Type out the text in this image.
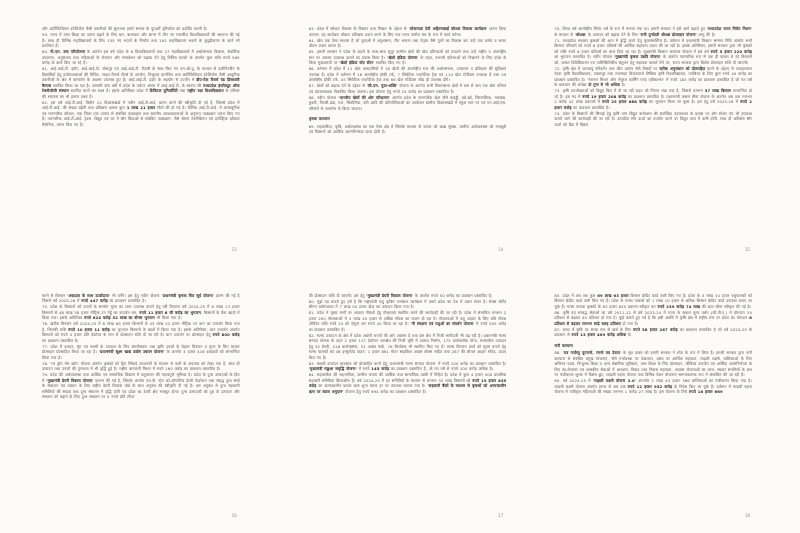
और आर्टिफिशियल इंटेलिजेंस जैसी तकनीकों की सुलभता हमारे समाज के दूरदर्शी दृष्टिकोण को प्रदर्शित करती है।

59. राज्य में उच्च शिक्षा का दायरा बढ़ाने के लिए धार, बालाघाट और सागर में तीन नए राजकीय विश्वविद्यालयों की स्थापना की गई है। साथ ही विभिन्न महाविद्यालयों के लिए 135 नए भवनों के निर्माण तथा 192 महाविद्यालय भवनों के सुदृढ़ीकरण के कार्य भी प्रगतिरत हैं।

60. पी.एम. उषा परियोजना के अंतर्गत इस वर्ष प्रदेश के 6 विश्वविद्यालयों तथा 27 महाविद्यालयों में अधोसंरचना विकास, शैक्षणिक उपकरण, अनुसंधान तथा महिलाओं के रोजगार और समावेशन को बढ़ावा देने हेतु विभिन्न घटकों के अंतर्गत कुल राशि रुपये 565 करोड़ के कार्य किए जा रहे हैं।

61. आई.आई.टी. इंदौर, आई.आई.टी. जोधपुर एवं आई.आई.टी. दिल्ली के साथ किए गए एम.ओ.यू. के माध्यम से इंजीनियरिंग के विद्यार्थियों हेतु प्रयोगशालाओं की विजिट, लाइव रिसर्च सेंटर्स के उपयोग, निःशुल्क इंटर्नशिप तथा आर्टिफिशियल इंटेलिजेंस जैसी आधुनिक तकनीकों के क्षेत्र में ज्ञानार्जन के अवसर उपलब्ध हुए हैं। आई.आई.टी. इंदौर के सहयोग से उज्जैन में डीप-टेक रिसर्च एंड डिस्कवरी कैम्पस स्थापित किया जा रहा है। आगामी पांच वर्षों में प्रदेश के पर्यटन अंचल में आई.आई.टी. के स्वरूप की मध्यप्रदेश इंस्टीट्यूट ऑफ टेक्नोलॉजी संस्थान स्थापित करने का लक्ष्य है। इसके अतिरिक्त प्रदेश में डिजिटल यूनिवर्सिटी तथा राष्ट्रीय रक्षा विश्वविद्यालय के परिसर की स्थापना का भी हमारा लक्ष्य है।

62. इस वर्ष आई.टी.आई. विहीन 22 विकासखंडों में नवीन आई.टी.आई. प्रारंभ करने की स्वीकृति दी गई है, जिससे प्रदेश में आई.टी.आई. की संख्या बढ़ेगी तथा प्रशिक्षण क्षमता कुल 1 लाख 21 हजार सीटों की हो गई है। विभिन्न आई.टी.आई. में अत्याधुनिक एवं पारम्परिक कौशल, एक जिला एक उत्पाद से संबंधित पाठ्यक्रम तथा स्थानीय आवश्यकताओं के अनुरूप पाठ्यक्रम प्रारंभ किए गए हैं। पारम्परिक आई.टी.आई. ट्रेडस, विद्युत एवं घर में सौर विधाओं से संबंधित पाठ्यक्रम, जैसे सोलर टेक्नीशियन एवं इलेक्ट्रिक व्हीकल मैकेनिक, प्रारंभ किए गए हैं।

13

63. प्रदेश में कौशल विकास के विस्तार तथा निखार के उद्देश्य से 'लोकमाता देवी अहिल्याबाई कौशल विकास कार्यक्रम' प्रारंभ किया जाएगा। यह कार्यक्रम कौशल प्रशिक्षण प्रदान करने के लिए एक राज्य स्तरीय मंच के रूप में कार्य करेगा।

64. खेल एक ऐसा माध्यम है जो युवाओं में अनुशासन, टीम भावना तथा नेतृत्व जैसे गुणों का विकास कर उन्हें एक कर्मठ व सजग जीवन प्रदान करता है।

65. हमारी सरकार ने प्रदेश के शहरों के साथ-साथ सुदूर ग्रामीण क्षेत्रों की खेल प्रतिभाओं को तराशने तथा उन्हें राष्ट्रीय व अंतर्राष्ट्रीय स्तर पर अवसर उपलब्ध कराने का प्रयास किया है। 'खेलो इंडिया योजना' के तहत, उभरती प्रतिभाओं को निखारने के लिए प्रदेश के जिला मुख्यालयों पर 'खेलो इंडिया स्टेट सेंटर' स्थापित किए गए हैं।

66. वर्तमान में प्रदेश में 11 खेल अकादमियों में 18 खेलों की अंतर्राष्ट्रीय स्तर की अधोसंरचना, उपकरण व प्रशिक्षण की सुविधाएं उपलब्ध हैं। प्रदेश में वर्तमान में 18 अंतर्राष्ट्रीय हॉकी टर्फ, 7 सिंथेटिक एथलेटिक ट्रैक एवं 114 खेल स्टेडियम उपलब्ध हैं तथा 09 अंतर्राष्ट्रीय हॉकी टर्फ, 05 सिंथेटिक एथलेटिक ट्रैक तथा 66 खेल स्टेडियम शीघ्र ही उपलब्ध होंगे।

67. खेलों को बढ़ावा देने के उद्देश्य से 'सी.एम. युवा-शक्ति' योजना के अंतर्गत सभी विधानसभा क्षेत्रों में कम से कम एक खेल परिसर एवं व्यायामशाला विकसित किया जाएगा। इस योजना हेतु रुपये 25 करोड़ का प्रावधान प्रस्तावित है।

68. नवीन योजना 'भारतीय खेलों की ओर परिभ्रमण' अंतर्गत प्रदेश के पारम्परिक खेल जैसे कबड्डी, खो-खो, जिम्नास्टिक, मलखंब, कुश्ती, गिल्ली-डंडा, गदा, सितोलिया, बंटी आदि की प्रतियोगिताओं का आयोजन ग्रामीण विकासखंडों में स्कूल स्तर पर एवं एन.आई.एस. परिसरों के तालमेल से किया जाएगा।

कृषक कल्याण

69. सहकारिता, कृषि, अर्थव्यवस्था का एक ऐसा क्षेत्र है जिसके माध्यम से जनता को खाद्य सुरक्षा, ग्रामीण अर्थव्यवस्था को मजबूती एवं किसानों को आर्थिक आत्मनिर्भरता प्राप्त होती है।

14

70. विगत वर्ष अंतर्राष्ट्रीय मिलेट वर्ष के रूप में मनाया गया था। हमारी सरकार ने इसे आगे बढ़ाते हुए 'मध्यप्रदेश राज्य मिलेट मिशन' के माध्यम से 'श्रीअन्न' के उत्पादन को बढ़ावा देने के लिए 'रानी दुर्गावती श्रीअन्न प्रोत्साहन योजना' लागू की है।

71. मध्यप्रदेश सरकार कृषकों की आय में वृद्धि करने हेतु कृतसंकल्पित है। वर्तमान में प्रधानमंत्री किसान सम्मान निधि अंतर्गत सभी किसान परिवारों को रुपये 6 हजार प्रतिवर्ष की आर्थिक सहायता प्रदान की जा रही है। इसके अतिरिक्त, हमारी सरकार द्वारा भी कृषकों को राशि रुपये 6 हजार प्रतिवर्ष का लाभ दिया जा रहा है। मुख्यमंत्री किसान कल्याण योजना में इस वर्ष रुपये 5 हजार 220 करोड़ का भुगतान प्रस्तावित है। नवीन योजना 'मुख्यमंत्री कृषक उन्नति योजना' के अंतर्गत पारम्परिक रूप से एक ही फसल ले रहे किसानों को, फसल विविधिकरण एवं पारिस्थितिकीय संतुलन हेतु सहायक फसलें लेने पर, राज्य सरकार द्वारा विशेष प्रोत्साहन राशि दी जाएगी।

72. कृषि क्षेत्र में जलवायु परिवर्तन तथा कीट प्रकोप जैसे विषयों पर सटीक अनुसंधान को प्रोत्साहित करने के उद्देश्य से जवाहरलाल नेहरू कृषि विश्वविद्यालय, जबलपुर तथा राजमाता विजयाराजे सिंधिया कृषि विश्वविद्यालय, ग्वालियर के लिए कुल रुपये 40 करोड़ का प्रावधान प्रस्तावित है। 'नेशनल मिशन ऑन नेचुरल फार्मिंग एण्ड एग्रीकल्चर' में रुपये 183 करोड़ का प्रावधान प्रस्तावित है जो गत वर्ष के प्रावधान की अपेक्षा दो गुना से भी अधिक है।

73. कृषि उपभोक्ताओं को विद्युत बिल में दी जा रही राहत को निरंतर रखा गया है, जिससे लगभग 37 लाख किसान लाभान्वित हो रहे हैं। इस मद में रुपये 19 हजार 208 करोड़ का प्रावधान प्रस्तावित है। प्रधानमंत्री फसल बीमा योजना के अंतर्गत अब तक लगभग 2 करोड़ 42 लाख प्रकरणों में रुपये 29 हजार 688 करोड़ का भुगतान किया जा चुका है। इस हेतु वर्ष 2025-26 में रुपये 2 हजार करोड़ का प्रावधान प्रस्तावित है।

74. प्रदेश के किसानों की सिंचाई हेतु कृषि पम्प विद्युत कनेक्शन की सर्वाधिक उपलब्धता के प्रयास पर और सोलर पंप भी उपलब्ध कराये जाने की कार्यवाही की जा रही है। उत्पादित सौर ऊर्जा का उपयोग करने पर विद्युत व्यय में कमी होगी, साथ ही अतिशेष सौर ऊर्जा को ग्रिड में विक्रय

15

करने से किसान 'अन्नदाता के साथ ऊर्जादाता' भी बनेंगे। इस हेतु नवीन योजना 'प्रधानमंत्री कृषक मित्र सूर्य योजना' प्रारंभ की गई है जिसमें वर्ष 2025-26 में रुपये 447 करोड़ का प्रावधान प्रस्तावित है।

75. प्रदेश के किसानों को उपजों के समर्थन मूल्य का लाभ उपलब्ध कराने हेतु रबी विपणन वर्ष 2024-25 में 6 लाख 13 हजार किसानों से 48 लाख 38 हजार मीट्रिक टन गेहूँ का उपार्जन कर, रुपये 11 हजार 6 सौ करोड़ का भुगतान, किसानों के बैंक खातों में किया गया। इसके अतिरिक्त रुपये 624 करोड़ 52 लाख का बोनस भुगतान भी किया गया है।

76. खरीफ विपणन वर्ष 2024-25 में 8 लाख 69 हजार किसानों से 43 लाख 52 हजार मीट्रिक टन धान का उपार्जन किया गया है, जिसकी राशि रुपये 10 हजार 11 करोड़ का भुगतान किसानों के खातों में किया गया है। इसके अतिरिक्त, धान उपार्जन अंतर्गत किसानों को रुपये 4 हजार प्रति हेक्टेयर के मान से प्रोत्साहन राशि दी जा रही है। धान उपार्जन पर प्रोत्साहन हेतु रुपये 800 करोड़ का प्रावधान प्रस्तावित है।

77. प्रदेश में दलहन, मूंग एवं सरसों के उत्पादन के लिए सघनीकरण तथा कृषि उपजों के बेहतर विपणन व मूल्य के लिए बाजार प्रोत्साहन प्रोत्साहित किया जा रहा है। 'प्रधानमंत्री सूक्ष्म खाद्य उद्योग उन्नयन योजना' के अंतर्गत 4 हजार 416 इकाइयों को लाभान्वित किया गया है।

78. 'पर ड्रॉप मोर क्रॉप' योजना अंतर्गत कृषकों को ड्रिप सिंचाई उपकरणों के माध्यम से पानी के अपव्यय को रोका गया है, साथ ही उत्पादन तथा उपजों की गुणवत्ता में भी वृद्धि हुई है। राष्ट्रीय बागवानी मिशन में रुपये 160 करोड़ का प्रावधान प्रस्तावित है।

79. प्रदेश की अर्थव्यवस्था तथा आर्थिक एवं सामाजिक विकास में पशुपालन की महत्वपूर्ण भूमिका है। प्रदेश के दुग्ध उत्पादकों के हित में 'मुख्यमंत्री डेयरी विकास योजना' प्रारम्भ की गई है, जिसके अंतर्गत एम.पी. स्टेट को-ऑपरेटिव डेयरी फेडरेशन तथा संबद्ध दुग्ध संघों के संचालन एवं प्रबंधन के लिए राष्ट्रीय डेयरी विकास बोर्ड के साथ अनुबंध की स्वीकृति दी गई है। इस अनुबंध से दुग्ध सहकारी समितियों की संख्या तथा दुग्ध संकलन में वृद्धि होगी एवं प्रदेश का डेयरी क्षेत्र मजबूत होगा। दुग्ध उत्पादकों को दूध के उत्पादन और संकलन को बढ़ाने के लिए दुग्ध संकलन पर 5 रुपये प्रति लीटर

16

की प्रोत्साहन राशि दी जाएगी। इस हेतु 'मुख्यमंत्री डेयरी विकास योजना' के अंतर्गत रुपये 50 करोड़ का प्रावधान प्रस्तावित है।

80. मुझे यह बताते हुए हर्ष है कि राष्ट्रव्यापी पशु कृत्रिम गर्भाधान कार्यक्रम में हमारे प्रदेश का देश में प्रथम स्थान है। सेक्स सॉर्टेड सीमन प्रयोगशाला में 7 लाख 50 हजार डोज़ का उत्पादन किया गया है।

81. प्रदेश में मुख्य मार्गों पर आवारा गौवंशों हेतु गौशालाएं स्थापित करने की कार्यवाही की जा रही है। प्रदेश में संचालित लगभग 2 हजार 200 गौशालाओं में 3 लाख 45 हजार से अधिक गौवंश का पालन हो रहा है। गौशालाओं में पशु आहार के लिए प्रति गौवंश प्रतिदिन राशि रुपये 20 को दोगुना कर रुपये 40 किया जा रहा है। 'गौ संरक्षण एवं पशुओं का संवर्धन योजना' में रुपये 505 करोड़ का प्रावधान प्रस्तावित है।

82. मत्स्य उत्पादन के क्षेत्र में प्रदेश अग्रणी राज्यों की ओर अग्रसर है तथा इस क्षेत्र में निजी भागीदारी भी बढ़ रही है। प्रधानमंत्री मत्स्य सम्पदा योजना के तहत 2 हजार 137 हेक्टेयर जलक्षेत्र की निजी भूमि में तालाब निर्माण, 175 बायोफ्लॉक पोन्ड, मत्स्यबीज उत्पादन हेतु 32 हैचरी, 418 बायोफ्लॉक, 51 अक्वा पार्क, 76 कियोस्क भी स्थापित किए गए हैं। मत्स्य विपणन कार्य को सुगम बनाने हेतु मत्स्य पालकों को 46 इन्सुलेटेड वाहन, 1 हजार 861 मोटर साइकिल आइस बॉक्स सहित तथा 267 की शीतल आहार मोपेड, प्रदाय किए गए हैं।

83. मछली उत्पादन व्यवसाय को प्रोत्साहित करने हेतु 'प्रधानमंत्री मत्स्य सम्पदा योजना' में रुपये 100 करोड़ का प्रावधान प्रस्तावित है। 'मुख्यमंत्री मछुआ समृद्धि योजना' में रुपये 145 करोड़ का प्रावधान प्रस्तावित है, जो गत वर्ष से रुपये 100 करोड़ अधिक है।

84. सहकारिता की सहभागिता, ग्रामीण जनता की आर्थिक तथा सामाजिक उन्नति में निहित है। प्रदेश में कुल 4 हजार 500 प्राथमिक सहकारी समितियां क्रियाशील हैं। वर्ष 2024-25 में इन समितियों के माध्यम से लगभग 35 लाख किसानों को रुपये 19 हजार 835 करोड़ का अल्पकालीन फसल ऋण शून्य ब्याज दर पर उपलब्ध कराया गया है। 'सहकारी बैंकों के माध्यम से कृषकों को अल्पकालीन ऋण पर ब्याज अनुदान' योजना हेतु रुपये 694 करोड़ का प्रावधान प्रस्तावित है।

17

85. प्रदेश में अब तक कुल 69 लाख 63 हजार किसान क्रेडिट कार्ड जारी किए गए हैं। प्रदेश के 5 लाख 34 हजार पशुपालकों को किसान क्रेडिट कार्ड जारी किए गए हैं। प्रदेश के मत्स्य पालकों को 1 लाख 10 हजार से अधिक किसान क्रेडिट कार्ड उपलब्ध कराए जा चुके हैं। मत्स्य पालक कृषकों के 63 हजार 840 प्रकरण स्वीकृत कर रुपये 239 करोड़ 74 लाख की ऋण सीमा स्वीकृत की गई है।

86. कृषि एवं सम्बद्ध सेवाओं का वर्ष 2011-12 से वर्ष 2023-24 में राज्य के सकल मूल्य वर्धन (जी.वी.ए.) में योगदान 34 प्रतिशत से बढ़कर 40 प्रतिशत हो गया है। मुझे बताते हुए गर्व है कि इसी अवधि में कृषि क्षेत्र में राष्ट्रीय स्तर पर प्रदेश का योगदान 8 प्रतिशत से बढ़कर लगभग साढ़े बारह प्रतिशत हो गया है।

87. बजट में कृषि पर समग्र रूप से खर्च के लिए रुपये 58 हजार 267 करोड़ का प्रावधान प्रस्तावित है जो वर्ष 2024-25 के प्रावधान से रुपये 13 हजार 409 करोड़ अधिक है।

नारी कल्याण

88. 'यत्र नार्यस्तु पूज्यन्ते, रमन्ते तत्र देवता' के सूत्र वाक्य को हमारी सरकार ने ध्येय के रूप में लिया है। हमारी सरकार द्वारा नारी कल्याण से संबंधित प्रमुख योजनाएं, जैसे गर्भावस्था पर देखभाल, प्रसव पर आर्थिक सहायता, लाड़ली लक्ष्मी, बालिकाओं के लिए अभिनव पहल, निःशुल्क शिक्षा व अन्य शैक्षणिक सुविधाएं, उच्च शिक्षा के लिए प्रोत्साहन, जीविका उपार्जन एवं आर्थिक आत्मनिर्भरता के लिए स्व-रोजगार एवं शासकीय सेवाओं में आरक्षण, विवाह तथा निवास सहायता, आवास योजनाओं का लाभ, स्थावर संपत्तियों के क्रय पर पंजीकरण शुल्क में विशेष छूट, लाड़ली बहना योजना तथा विभिन्न पेंशन योजनाएं समन्वयात्मक रूप में संचालित की जा रही हैं।

89. वर्ष 2024-25 में 'लाड़ली लक्ष्मी योजना 2.0' अन्तर्गत 2 लाख 43 हजार 366 बालिकाओं का पंजीकरण किया गया है। लाड़ली लक्ष्मी योजना अंतर्गत प्रारंभ से अब तक रुपये 12 हजार 952 करोड़ के निवेश किए जा चुके हैं। वर्तमान में लाड़ली बहना योजना में पंजीकृत महिलाओं की संख्या लगभग 1 करोड़ 27 लाख है। इस योजना के लिये रुपये 18 हजार 669

18
